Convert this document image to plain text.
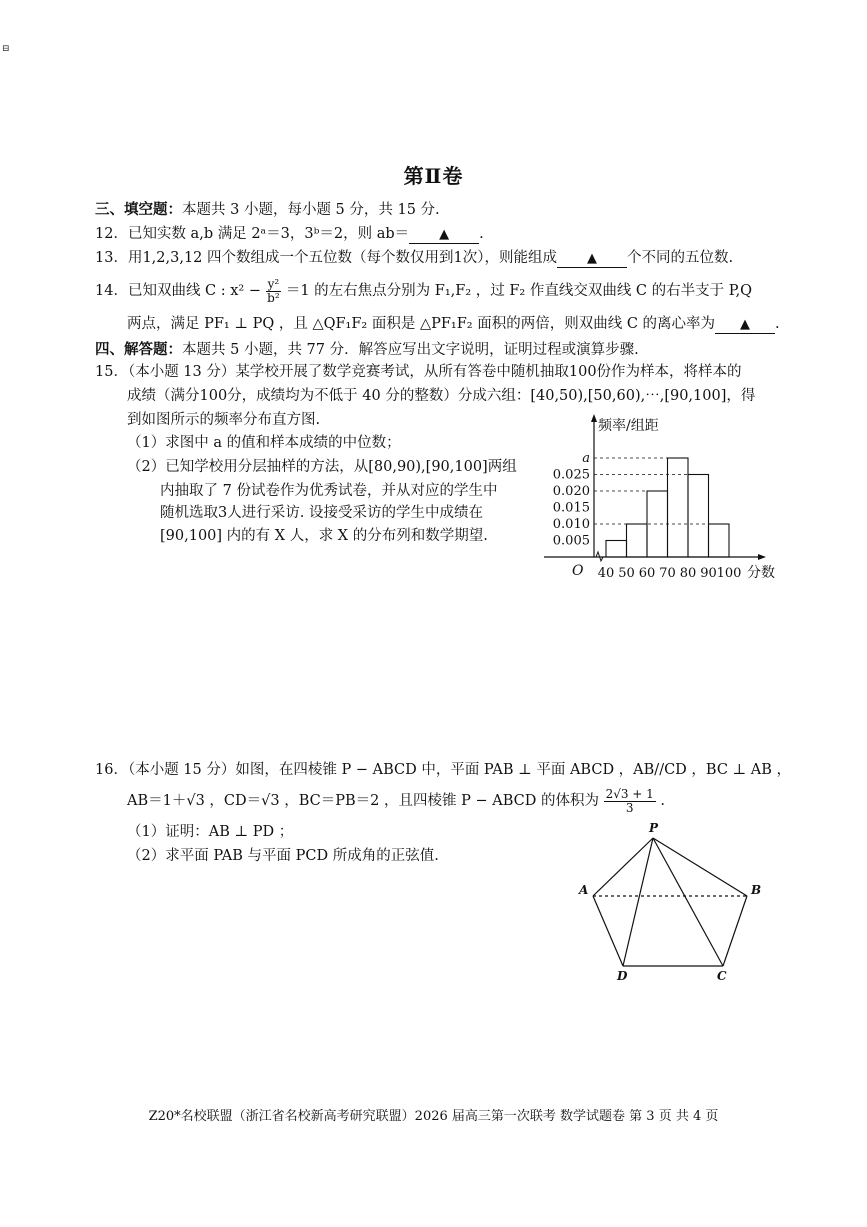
⊟
第Ⅱ卷
三、填空题：本题共 3 小题，每小题 5 分，共 15 分.
12．已知实数 a,b 满足 2ᵃ＝3，3ᵇ＝2，则 ab＝ ▲ .
13．用1,2,3,12 四个数组成一个五位数（每个数仅用到1次），则能组成 ▲ 个不同的五位数.
14．已知双曲线 C : $x^2 - \frac{\text{y²}}{\text{b²}} =1$ 的左右焦点分别为 F₁,F₂ ，过 F₂ 作直线交双曲线 C 的右半支于 P,Q
两点，满足 PF₁ ⊥ PQ ，且 △QF₁F₂ 面积是 △PF₁F₂ 面积的两倍，则双曲线 C 的离心率为 ▲ .
四、解答题：本题共 5 小题，共 77 分．解答应写出文字说明，证明过程或演算步骤.
15．（本小题 13 分）某学校开展了数学竞赛考试，从所有答卷中随机抽取100份作为样本，将样本的
成绩（满分100分，成绩均为不低于 40 分的整数）分成六组：[40,50),[50,60),⋯,[90,100]，得
到如图所示的频率分布直方图.
（1）求图中 a 的值和样本成绩的中位数；
（2）已知学校用分层抽样的方法，从[80,90),[90,100]两组
内抽取了 7 份试卷作为优秀试卷，并从对应的学生中
随机选取3人进行采访. 设接受采访的学生中成绩在
[90,100] 内的有 X 人，求 X 的分布列和数学期望.	0.005
0.010
0.015
0.020
0.025
a
40 50 60 70 80 90 100 分数
频率/组距
O
16．（本小题 15 分）如图，在四棱锥 P − ABCD 中，平面 PAB ⊥ 平面 ABCD ，AB//CD ，BC ⊥ AB ，
AB＝1＋√3 ，CD＝√3 ，BC＝PB＝2 ，且四棱锥 P − ABCD 的体积为 $\frac{2√3 + 1}{3}$ .
（1）证明：AB ⊥ PD ；
（2）求平面 PAB 与平面 PCD 所成角的正弦值.
P
A	B
D	C
Z20*名校联盟（浙江省名校新高考研究联盟）2026 届高三第一次联考 数学试题卷 第 3 页 共 4 页
